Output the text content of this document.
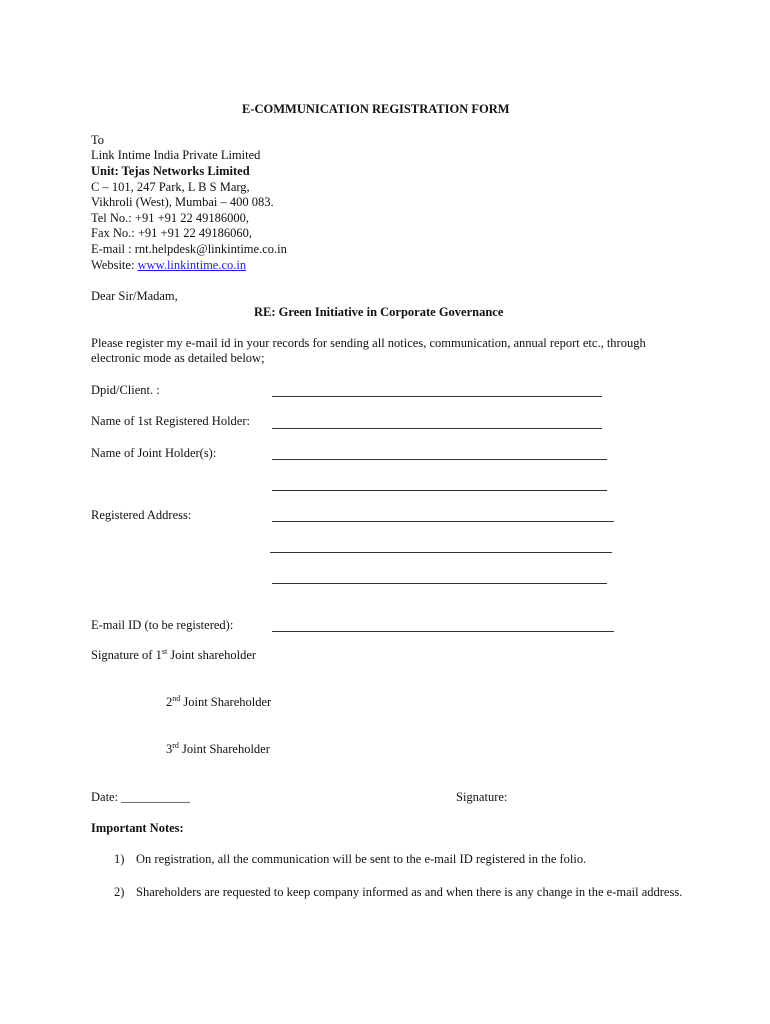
E-COMMUNICATION REGISTRATION FORM
To
Link Intime India Private Limited
Unit: Tejas Networks Limited
C – 101, 247 Park, L B S Marg,
Vikhroli (West), Mumbai – 400 083.
Tel No.: +91 +91 22 49186000,
Fax No.: +91 +91 22 49186060,
E-mail : rnt.helpdesk@linkintime.co.in
Website: www.linkintime.co.in
Dear Sir/Madam,
RE: Green Initiative in Corporate Governance
Please register my e-mail id in your records for sending all notices, communication, annual report etc., through
electronic mode as detailed below;
Dpid/Client. :
Name of 1st Registered Holder:
Name of Joint Holder(s):
Registered Address:
E-mail ID (to be registered):
Signature of 1st Joint shareholder
2nd Joint Shareholder
3rd Joint Shareholder
Date: ___________	Signature:
Important Notes:
1) On registration, all the communication will be sent to the e-mail ID registered in the folio.
2) Shareholders are requested to keep company informed as and when there is any change in the e-mail address.
